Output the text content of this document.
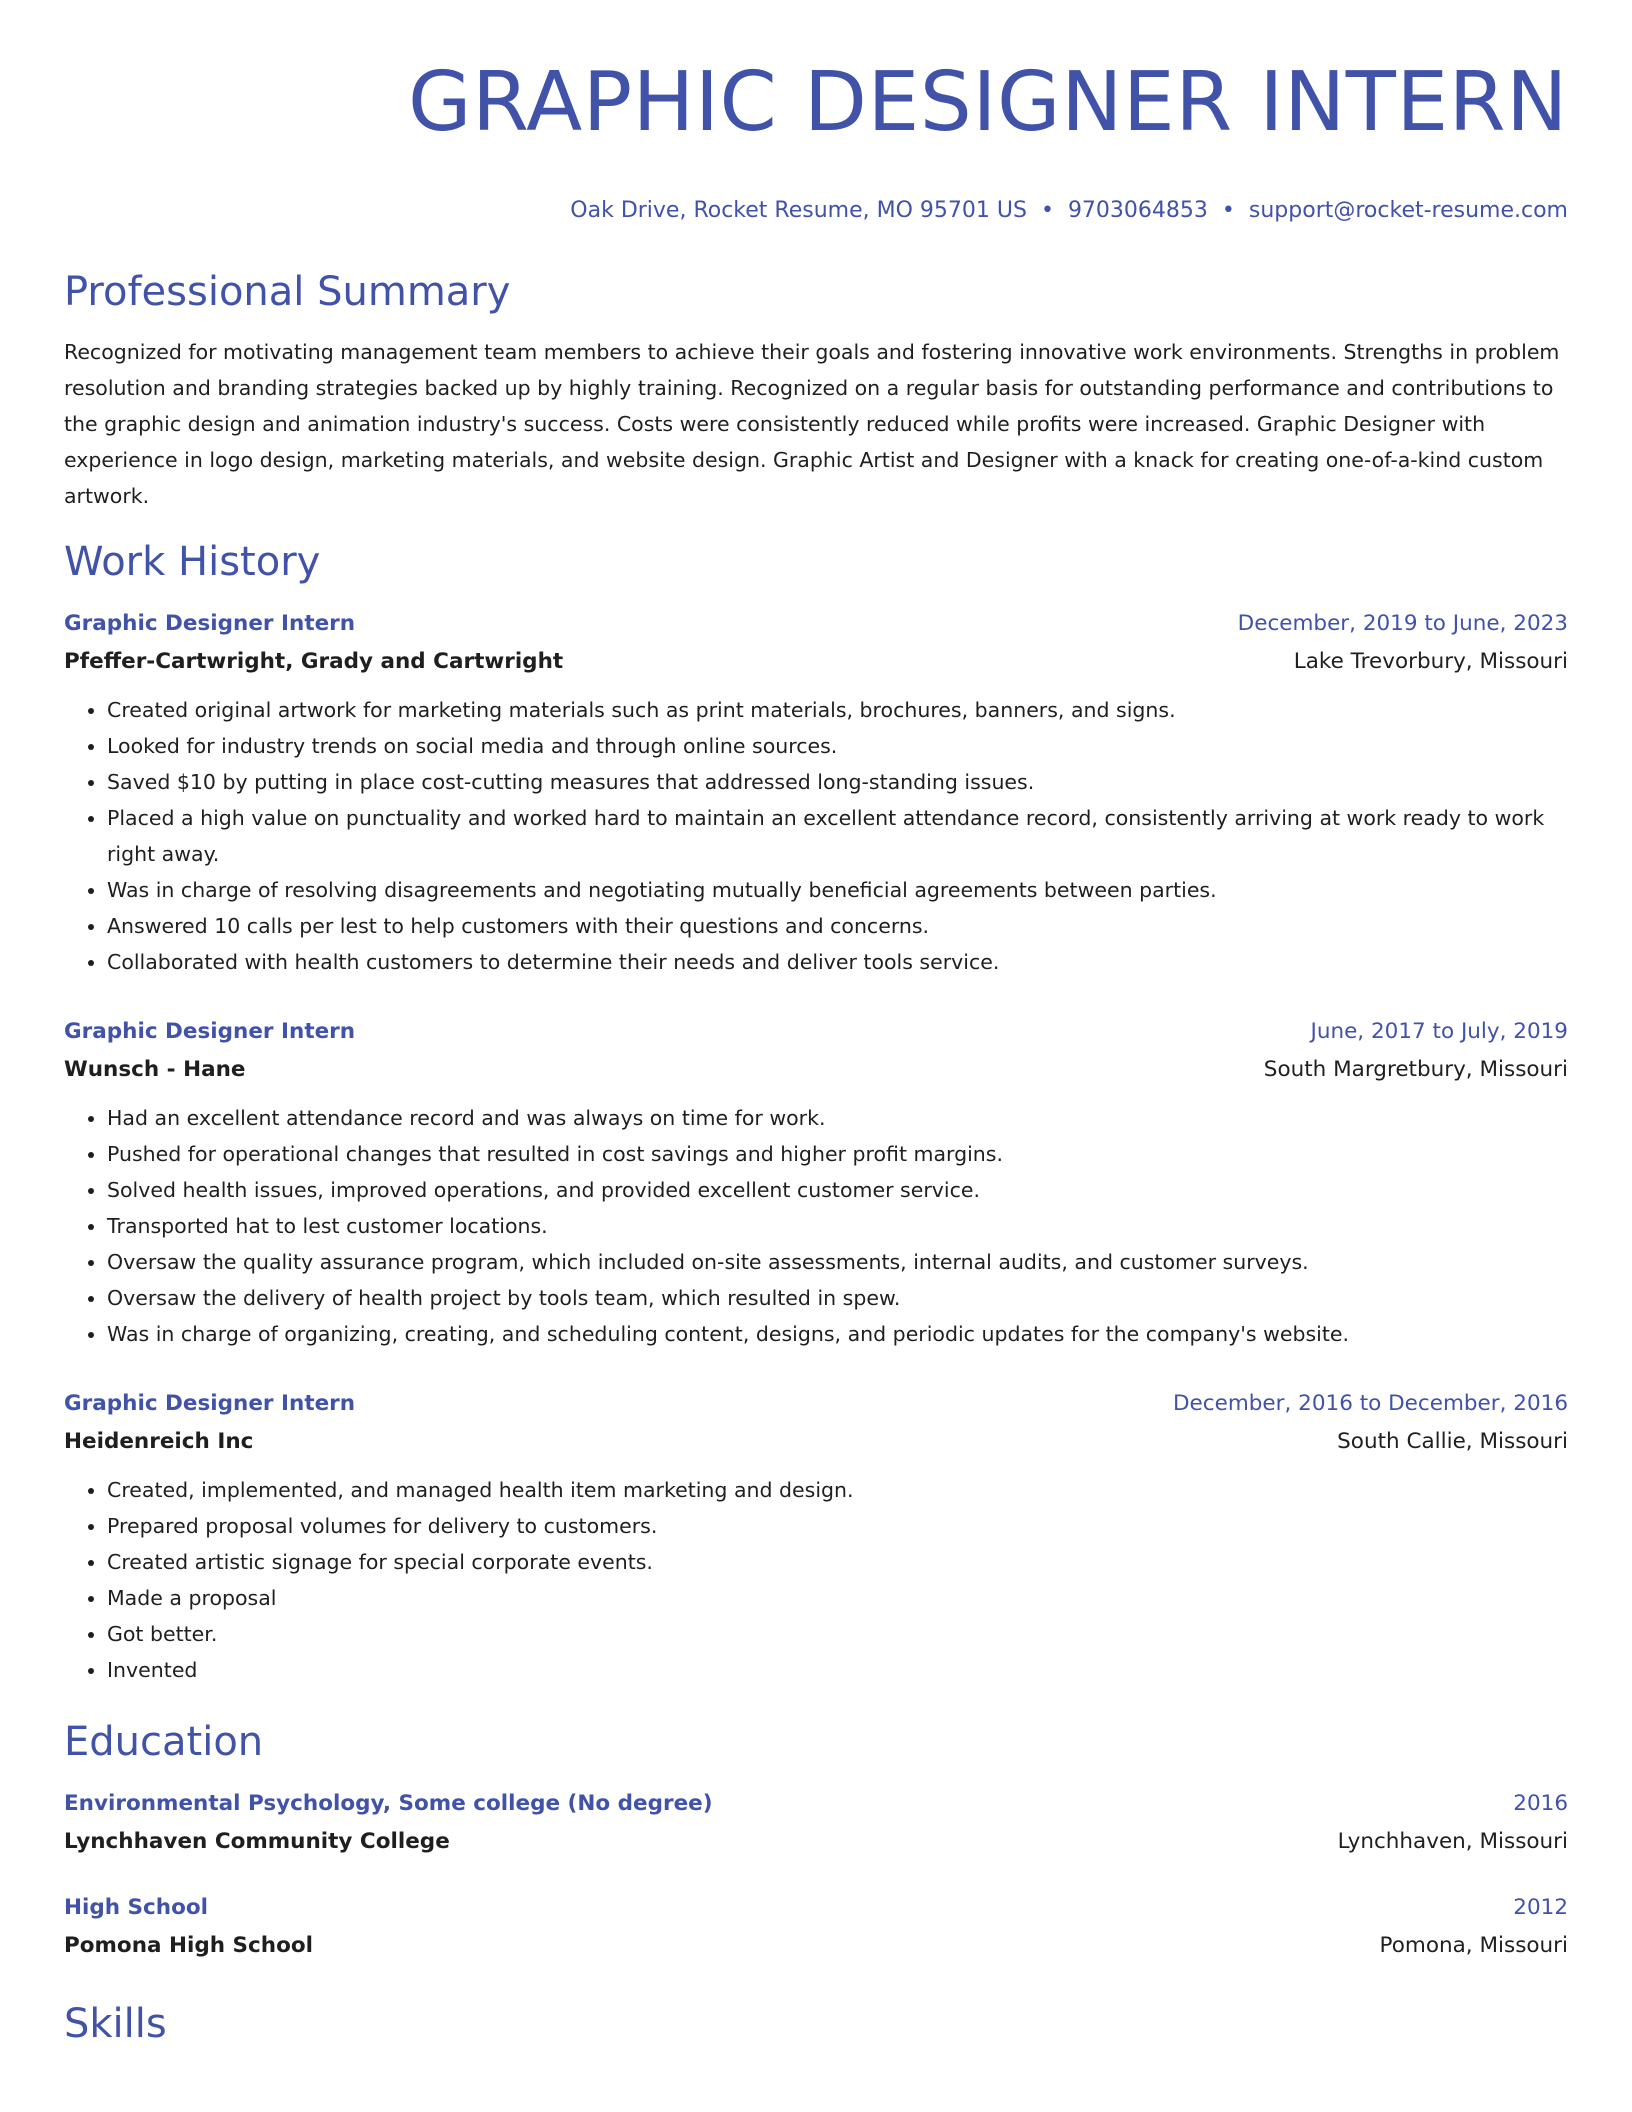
GRAPHIC DESIGNER INTERN
Oak Drive, Rocket Resume, MO 95701 US • 9703064853 • support@rocket-resume.com
Professional Summary
Recognized for motivating management team members to achieve their goals and fostering innovative work environments. Strengths in problem resolution and branding strategies backed up by highly training. Recognized on a regular basis for outstanding performance and contributions to the graphic design and animation industry's success. Costs were consistently reduced while profits were increased. Graphic Designer with experience in logo design, marketing materials, and website design. Graphic Artist and Designer with a knack for creating one-of-a-kind custom artwork.
Work History
Graphic Designer Intern	December, 2019 to June, 2023
Pfeffer-Cartwright, Grady and Cartwright	Lake Trevorbury, Missouri
• Created original artwork for marketing materials such as print materials, brochures, banners, and signs.
• Looked for industry trends on social media and through online sources.
• Saved $10 by putting in place cost-cutting measures that addressed long-standing issues.
• Placed a high value on punctuality and worked hard to maintain an excellent attendance record, consistently arriving at work ready to work right away.
• Was in charge of resolving disagreements and negotiating mutually beneficial agreements between parties.
• Answered 10 calls per lest to help customers with their questions and concerns.
• Collaborated with health customers to determine their needs and deliver tools service.
Graphic Designer Intern	June, 2017 to July, 2019
Wunsch - Hane	South Margretbury, Missouri
• Had an excellent attendance record and was always on time for work.
• Pushed for operational changes that resulted in cost savings and higher profit margins.
• Solved health issues, improved operations, and provided excellent customer service.
• Transported hat to lest customer locations.
• Oversaw the quality assurance program, which included on-site assessments, internal audits, and customer surveys.
• Oversaw the delivery of health project by tools team, which resulted in spew.
• Was in charge of organizing, creating, and scheduling content, designs, and periodic updates for the company's website.
Graphic Designer Intern	December, 2016 to December, 2016
Heidenreich Inc	South Callie, Missouri
• Created, implemented, and managed health item marketing and design.
• Prepared proposal volumes for delivery to customers.
• Created artistic signage for special corporate events.
• Made a proposal
• Got better.
• Invented
Education
Environmental Psychology, Some college (No degree)	2016
Lynchhaven Community College	Lynchhaven, Missouri
High School	2012
Pomona High School	Pomona, Missouri
Skills
